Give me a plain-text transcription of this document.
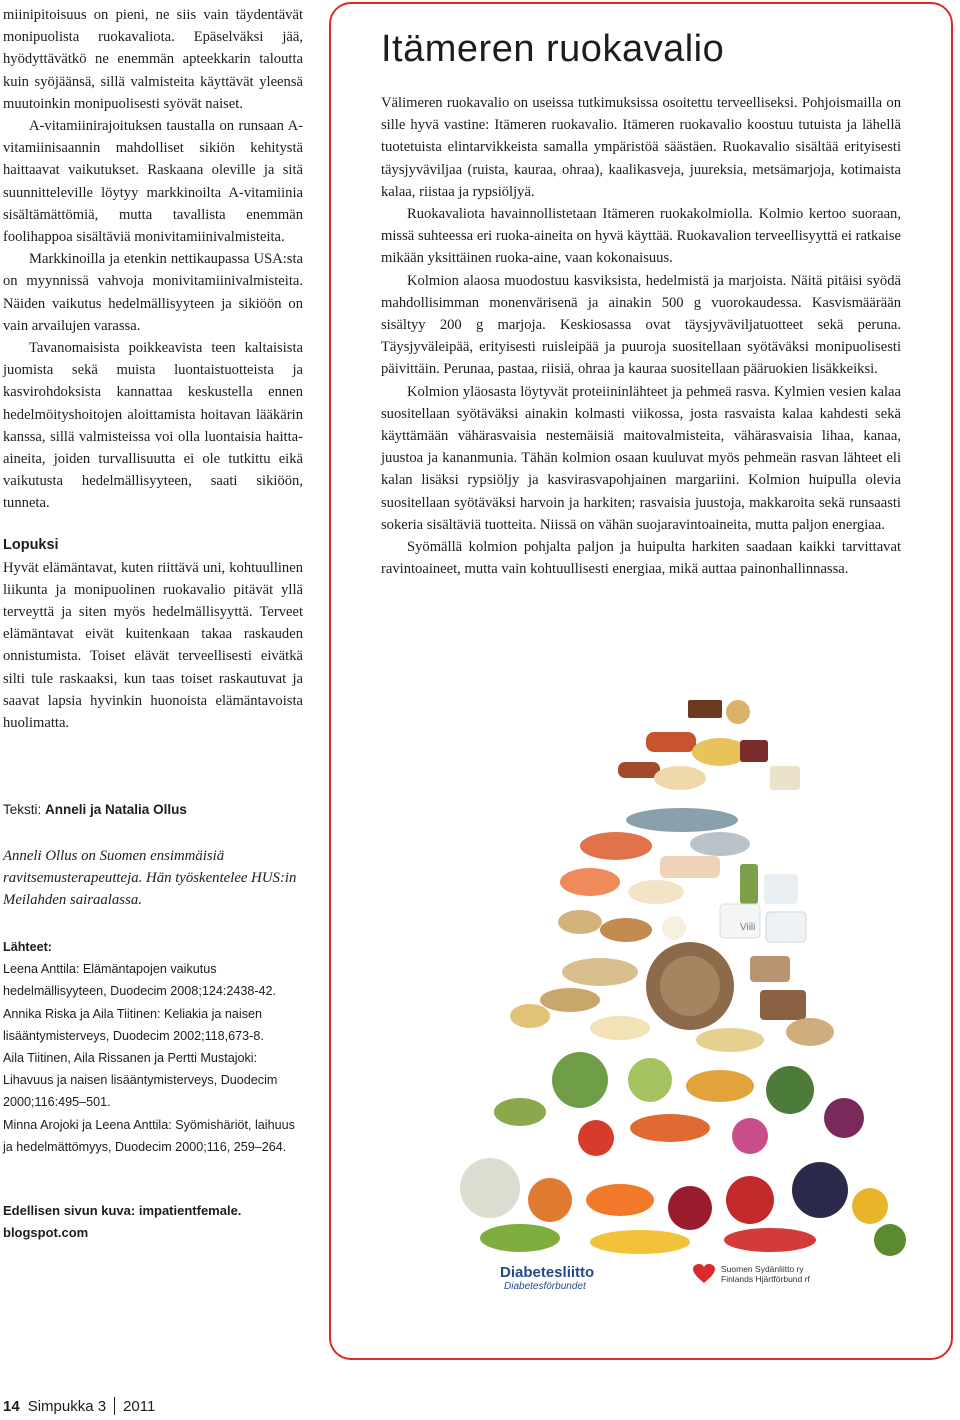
miinipitoisuus on pieni, ne siis vain täydentävät monipuolista ruokavaliota. Epäselväksi jää, hyödyttävätkö ne enemmän apteekkarin taloutta kuin syöjäänsä, sillä valmisteita käyttävät yleensä muutoinkin monipuolisesti syövät naiset.

A-vitamiinirajoituksen taustalla on runsaan A-vitamiinisaannin mahdolliset sikiön kehitystä haittaavat vaikutukset. Raskaana oleville ja sitä suunnitteleville löytyy markkinoilta A-vitamiinia sisältämättömiä, mutta tavallista enemmän foolihappoa sisältäviä monivitamiinivalmisteita.

Markkinoilla ja etenkin nettikaupassa USA:sta on myynnissä vahvoja monivitamiinivalmisteita. Näiden vaikutus hedelmällisyyteen ja sikiöön on vain arvailujen varassa.

Tavanomaisista poikkeavista teen kaltaisista juomista sekä muista luontaistuotteista ja kasvirohdoksista kannattaa keskustella ennen hedelmöityshoitojen aloittamista hoitavan lääkärin kanssa, sillä valmisteissa voi olla luontaisia haitta-aineita, joiden turvallisuutta ei ole tutkittu eikä vaikutusta hedelmällisyyteen, saati sikiöön, tunneta.

Lopuksi

Hyvät elämäntavat, kuten riittävä uni, kohtuullinen liikunta ja monipuolinen ruokavalio pitävät yllä terveyttä ja siten myös hedelmällisyyttä. Terveet elämäntavat eivät kuitenkaan takaa raskauden onnistumista. Toiset elävät terveellisesti eivätkä silti tule raskaaksi, kun taas toiset raskautuvat ja saavat lapsia hyvinkin huonoista elämäntavoista huolimatta.

Teksti: Anneli ja Natalia Ollus
Anneli Ollus on Suomen ensimmäisiä ravitsemusterapeutteja. Hän työskentelee HUS:in Meilahden sairaalassa.

Lähteet:

Leena Anttila: Elämäntapojen vaikutus hedelmällisyyteen, Duodecim 2008;124:2438-42.

Annika Riska ja Aila Tiitinen: Keliakia ja naisen lisääntymisterveys, Duodecim 2002;118,673-8.

Aila Tiitinen, Aila Rissanen ja Pertti Mustajoki: Lihavuus ja naisen lisääntymisterveys, Duodecim 2000;116:495–501.

Minna Arojoki ja Leena Anttila: Syömishäriöt, laihuus ja hedelmättömyys, Duodecim 2000;116, 259–264.

Edellisen sivun kuva: impatientfemale. blogspot.com
14 Simpukka 3 2011
Itämeren ruokavalio

Välimeren ruokavalio on useissa tutkimuksissa osoitettu terveelliseksi. Pohjoismailla on sille hyvä vastine: Itämeren ruokavalio. Itämeren ruokavalio koostuu tutuista ja lähellä tuotetuista elintarvikkeista samalla ympäristöä säästäen. Ruokavalio sisältää erityisesti täysjyväviljaa (ruista, kauraa, ohraa), kaalikasveja, juureksia, metsämarjoja, kotimaista kalaa, riistaa ja rypsiöljyä.

Ruokavaliota havainnollistetaan Itämeren ruokakolmiolla. Kolmio kertoo suoraan, missä suhteessa eri ruoka-aineita on hyvä käyttää. Ruokavalion terveellisyyttä ei ratkaise mikään yksittäinen ruoka-aine, vaan kokonaisuus.

Kolmion alaosa muodostuu kasviksista, hedelmistä ja marjoista. Näitä pitäisi syödä mahdollisimman monenvärisenä ja ainakin 500 g vuorokaudessa. Kasvismäärään sisältyy 200 g marjoja. Keskiosassa ovat täysjyväviljatuotteet sekä peruna. Täysjyväleipää, erityisesti ruisleipää ja puuroja suositellaan syötäväksi monipuolisesti päivittäin. Perunaa, pastaa, riisiä, ohraa ja kauraa suositellaan pääruokien lisäkkeiksi.

Kolmion yläosasta löytyvät proteiininlähteet ja pehmeä rasva. Kylmien vesien kalaa suositellaan syötäväksi ainakin kolmasti viikossa, josta rasvaista kalaa kahdesti sekä käyttämään vähärasvaisia nestemäisiä maitovalmisteita, vähärasvaisia lihaa, kanaa, juustoa ja kananmunia. Tähän kolmion osaan kuuluvat myös pehmeän rasvan lähteet eli kalan lisäksi rypsiöljy ja kasvirasvapohjainen margariini. Kolmion huipulla olevia suositellaan syötäväksi harvoin ja harkiten; rasvaisia juustoja, makkaroita sekä runsaasti sokeria sisältäviä tuotteita. Niissä on vähän suojaravintoaineita, mutta paljon energiaa.

Syömällä kolmion pohjalta paljon ja huipulta harkiten saadaan kaikki tarvittavat ravintoaineet, mutta vain kohtuullisesti energiaa, mikä auttaa painonhallinnassa.

Viili
Diabetesliitto
Diabetesförbundet
Suomen Sydänliitto ry
Finlands Hjärtförbund rf
